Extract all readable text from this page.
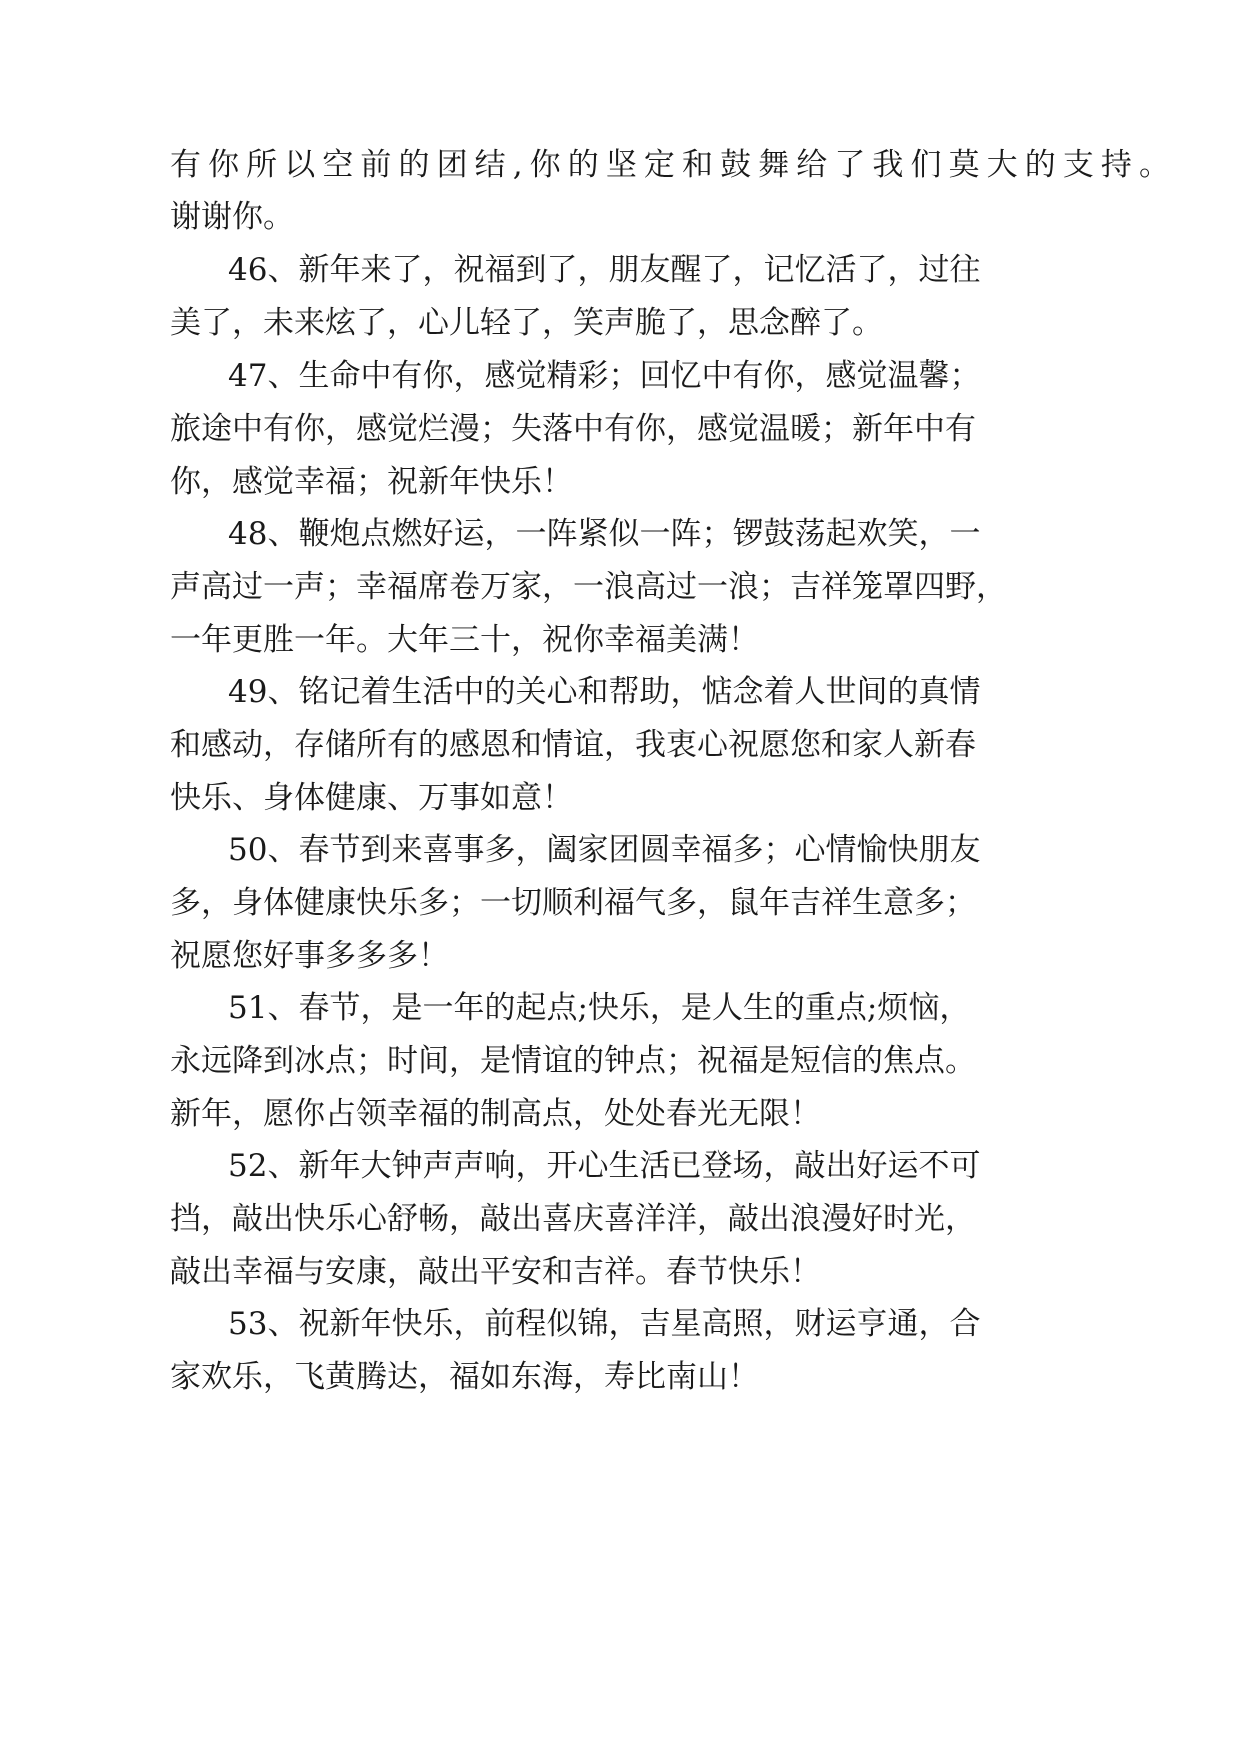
有你所以空前的团结,你的坚定和鼓舞给了我们莫大的支持。
谢谢你。
46、新年来了，祝福到了，朋友醒了，记忆活了，过往
美了，未来炫了，心儿轻了，笑声脆了，思念醉了。
47、生命中有你，感觉精彩；回忆中有你，感觉温馨；
旅途中有你，感觉烂漫；失落中有你，感觉温暖；新年中有
你，感觉幸福；祝新年快乐！
48、鞭炮点燃好运，一阵紧似一阵；锣鼓荡起欢笑，一
声高过一声；幸福席卷万家，一浪高过一浪；吉祥笼罩四野，
一年更胜一年。大年三十，祝你幸福美满！
49、铭记着生活中的关心和帮助，惦念着人世间的真情
和感动，存储所有的感恩和情谊，我衷心祝愿您和家人新春
快乐、身体健康、万事如意！
50、春节到来喜事多，阖家团圆幸福多；心情愉快朋友
多，身体健康快乐多；一切顺利福气多，鼠年吉祥生意多；
祝愿您好事多多多！
51、春节，是一年的起点;快乐，是人生的重点;烦恼，
永远降到冰点；时间，是情谊的钟点；祝福是短信的焦点。
新年，愿你占领幸福的制高点，处处春光无限！
52、新年大钟声声响，开心生活已登场，敲出好运不可
挡，敲出快乐心舒畅，敲出喜庆喜洋洋，敲出浪漫好时光，
敲出幸福与安康，敲出平安和吉祥。春节快乐！
53、祝新年快乐，前程似锦，吉星高照，财运亨通，合
家欢乐，飞黄腾达，福如东海，寿比南山！
